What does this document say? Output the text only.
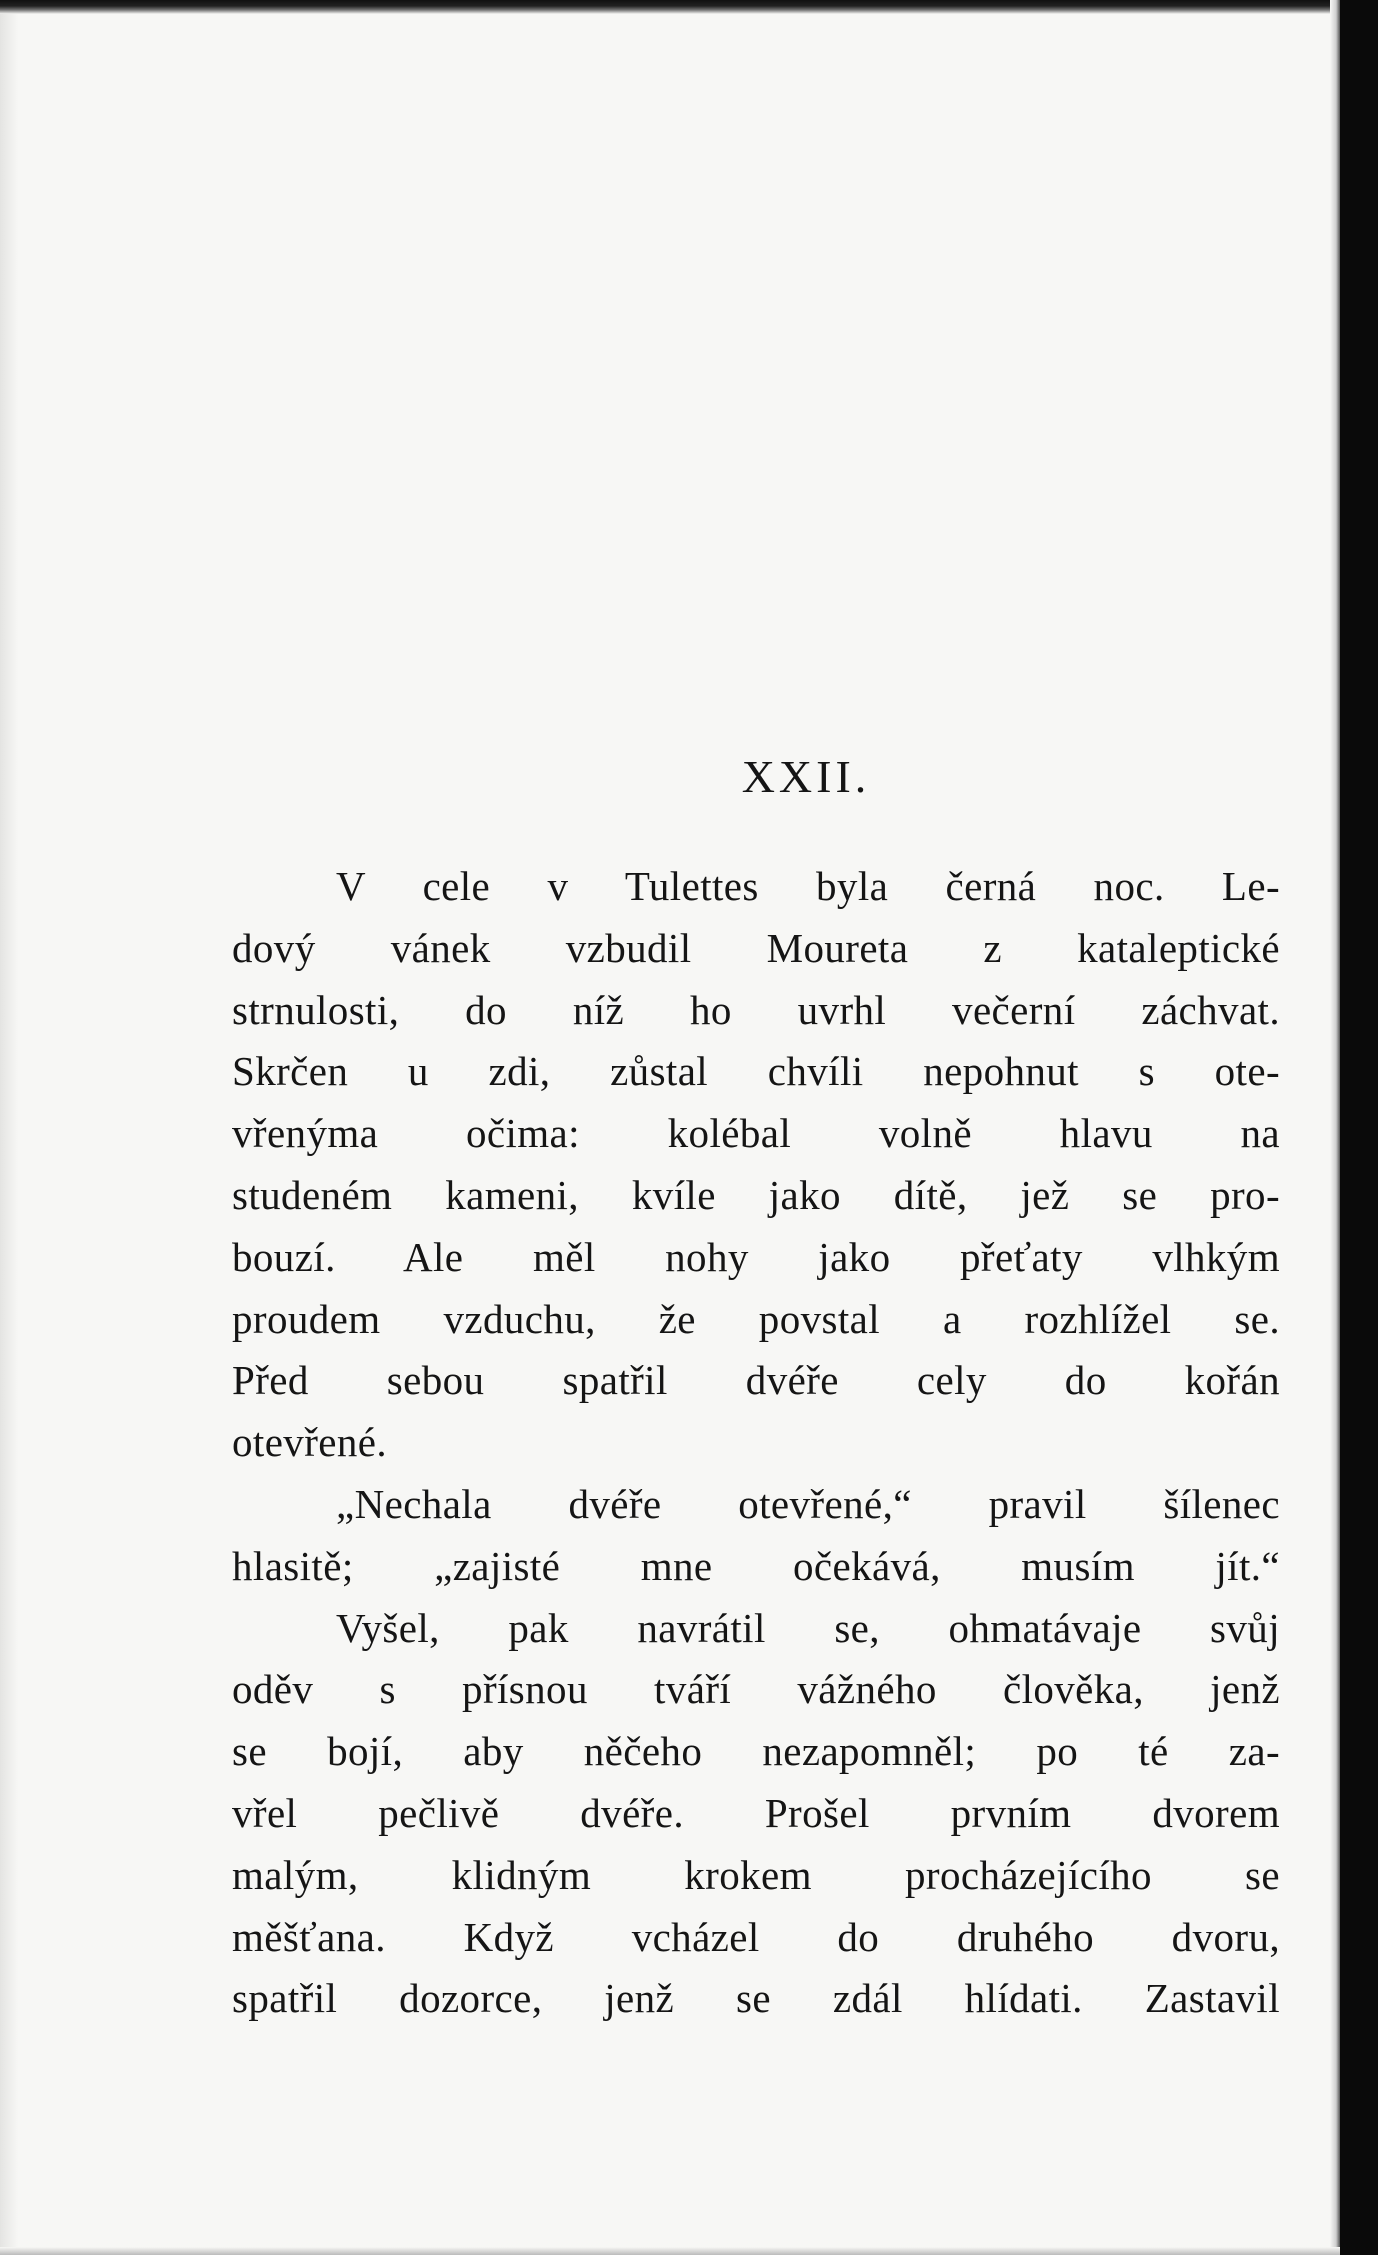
XXII.

V cele v Tulettes byla černá noc. Le-
dový vánek vzbudil Moureta z kataleptické
strnulosti, do níž ho uvrhl večerní záchvat.
Skrčen u zdi, zůstal chvíli nepohnut s ote-
vřenýma očima: kolébal volně hlavu na
studeném kameni, kvíle jako dítě, jež se pro-
bouzí. Ale měl nohy jako přeťaty vlhkým
proudem vzduchu, že povstal a rozhlížel se.
Před sebou spatřil dvéře cely do kořán
otevřené.

„Nechala dvéře otevřené,“ pravil šílenec
hlasitě; „zajisté mne očekává, musím jít.“

Vyšel, pak navrátil se, ohmatávaje svůj
oděv s přísnou tváří vážného člověka, jenž
se bojí, aby něčeho nezapomněl; po té za-
vřel pečlivě dvéře. Prošel prvním dvorem
malým, klidným krokem procházejícího se
měšťana. Když vcházel do druhého dvoru,
spatřil dozorce, jenž se zdál hlídati. Zastavil
